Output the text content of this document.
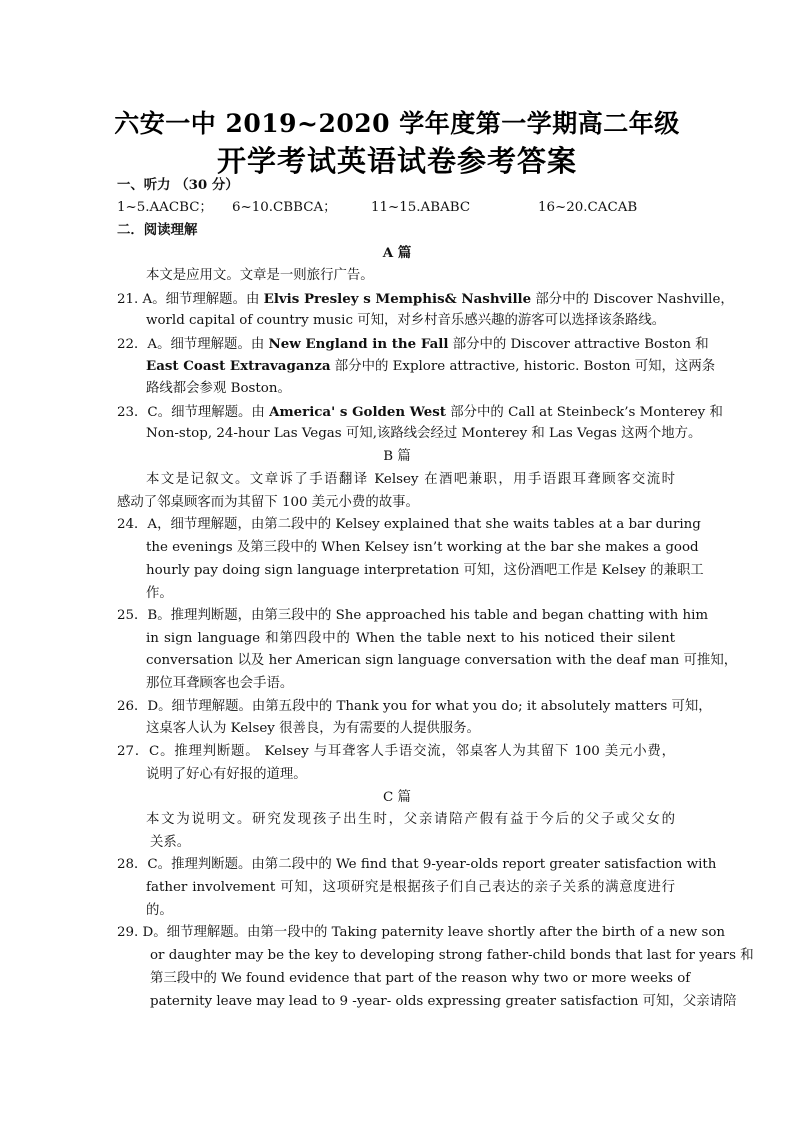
六安一中 2019~2020 学年度第一学期高二年级
开学考试英语试卷参考答案
一、听力 （30 分）
1~5.AACBC； 6~10.CBBCA；	11~15.ABABC	16~20.CACAB
二．阅读理解
A 篇
本文是应用文。文章是一则旅行广告。
21. A。细节理解题。由 Elvis Presley s Memphis& Nashville 部分中的 Discover Nashville，
world capital of country music 可知，对乡村音乐感兴趣的游客可以选择该条路线。
22．A。细节理解题。由 New England in the Fall 部分中的 Discover attractive Boston 和
East Coast Extravaganza 部分中的 Explore attractive, historic. Boston 可知，这两条
路线都会参观 Boston。
23．C。细节理解题。由 America' s Golden West 部分中的 Call at Steinbeck’s Monterey 和
Non-stop, 24-hour Las Vegas 可知,该路线会经过 Monterey 和 Las Vegas 这两个地方。
B 篇
本文是记叙文。文章诉了手语翻译 Kelsey 在酒吧兼职，用手语跟耳聋顾客交流时
感动了邻桌顾客而为其留下 100 美元小费的故事。
24．A，细节理解题，由第二段中的 Kelsey explained that she waits tables at a bar during
the evenings 及第三段中的 When Kelsey isn’t working at the bar she makes a good
hourly pay doing sign language interpretation 可知，这份酒吧工作是 Kelsey 的兼职工
作。
25．B。推理判断题，由第三段中的 She approached his table and began chatting with him
in sign language 和第四段中的 When the table next to his noticed their silent
conversation 以及 her American sign language conversation with the deaf man 可推知，
那位耳聋顾客也会手语。
26．D。细节理解题。由第五段中的 Thank you for what you do; it absolutely matters 可知，
这桌客人认为 Kelsey 很善良，为有需要的人提供服务。
27．C。推理判断题。 Kelsey 与耳聋客人手语交流，邻桌客人为其留下 100 美元小费，
说明了好心有好报的道理。
C 篇
本文为说明文。研究发现孩子出生时，父亲请陪产假有益于今后的父子或父女的
关系。
28．C。推理判断题。由第二段中的 We find that 9-year-olds report greater satisfaction with
father involvement 可知，这项研究是根据孩子们自己表达的亲子关系的满意度进行
的。
29. D。细节理解题。由第一段中的 Taking paternity leave shortly after the birth of a new son
or daughter may be the key to developing strong father-child bonds that last for years 和
第三段中的 We found evidence that part of the reason why two or more weeks of
paternity leave may lead to 9 -year- olds expressing greater satisfaction 可知，父亲请陪
